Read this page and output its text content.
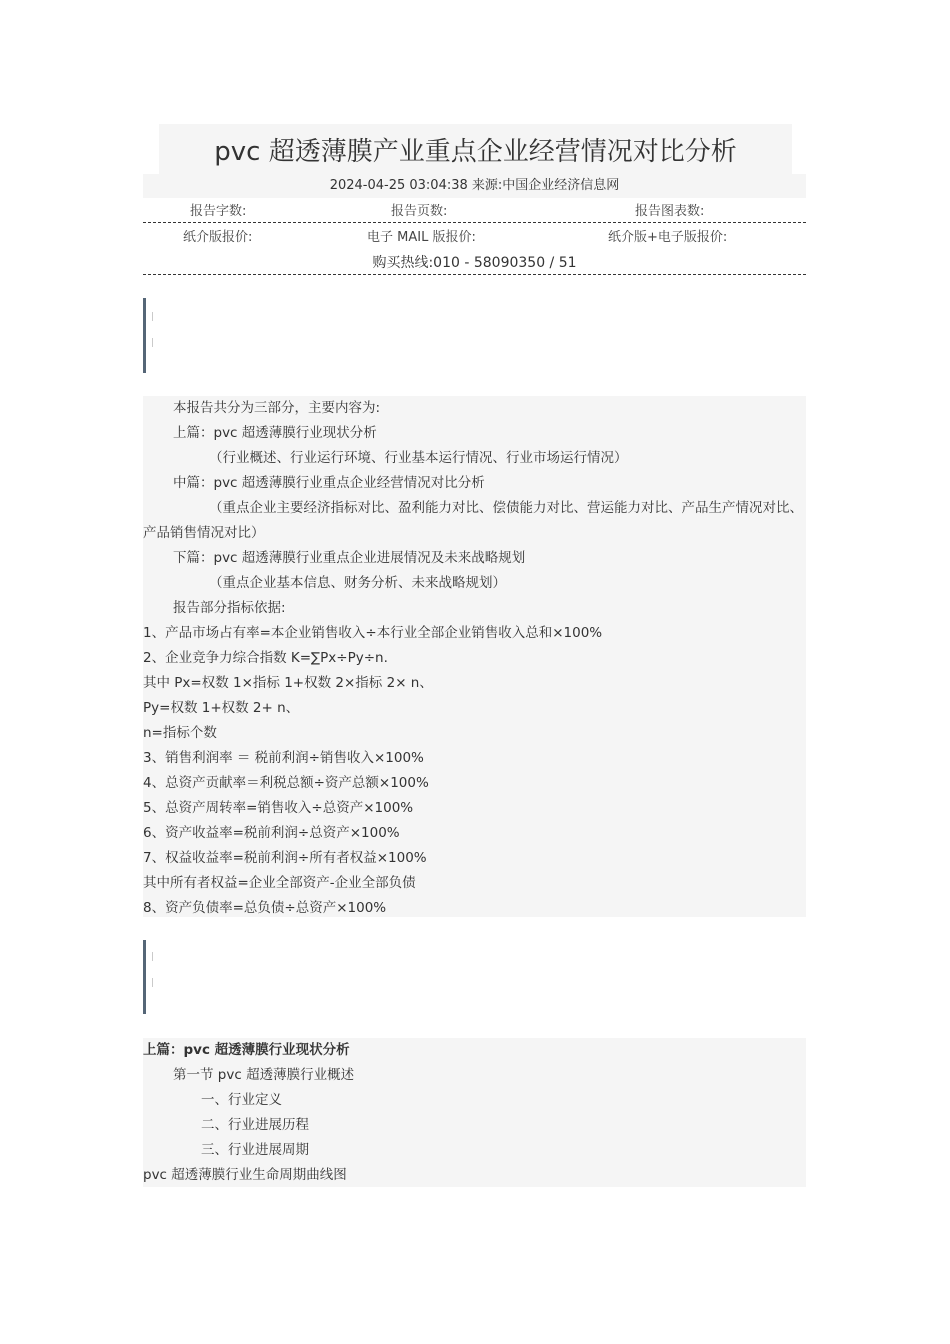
pvc 超透薄膜产业重点企业经营情况对比分析
2024-04-25 03:04:38 来源:中国企业经济信息网
报告字数:	报告页数:	报告图表数:
纸介版报价:	电子 MAIL 版报价:	纸介版+电子版报价:
购买热线:010 - 58090350 / 51
|
|
本报告共分为三部分，主要内容为:
上篇：pvc 超透薄膜行业现状分析
（行业概述、行业运行环境、行业基本运行情况、行业市场运行情况）
中篇：pvc 超透薄膜行业重点企业经营情况对比分析
（重点企业主要经济指标对比、盈利能力对比、偿债能力对比、营运能力对比、产品生产情况对比、产品销售情况对比）
下篇：pvc 超透薄膜行业重点企业进展情况及未来战略规划
（重点企业基本信息、财务分析、未来战略规划）
报告部分指标依据:
1、产品市场占有率=本企业销售收入÷本行业全部企业销售收入总和×100%
2、企业竞争力综合指数 K=∑Px÷Py÷n.
其中 Px=权数 1×指标 1+权数 2×指标 2× n、
Py=权数 1+权数 2+ n、
n=指标个数
3、销售利润率 ＝ 税前利润÷销售收入×100%
4、总资产贡献率＝利税总额÷资产总额×100%
5、总资产周转率=销售收入÷总资产×100%
6、资产收益率=税前利润÷总资产×100%
7、权益收益率=税前利润÷所有者权益×100%
其中所有者权益=企业全部资产-企业全部负债
8、资产负债率=总负债÷总资产×100%
|
|
上篇：pvc 超透薄膜行业现状分析
第一节 pvc 超透薄膜行业概述
一、行业定义
二、行业进展历程
三、行业进展周期
pvc 超透薄膜行业生命周期曲线图
